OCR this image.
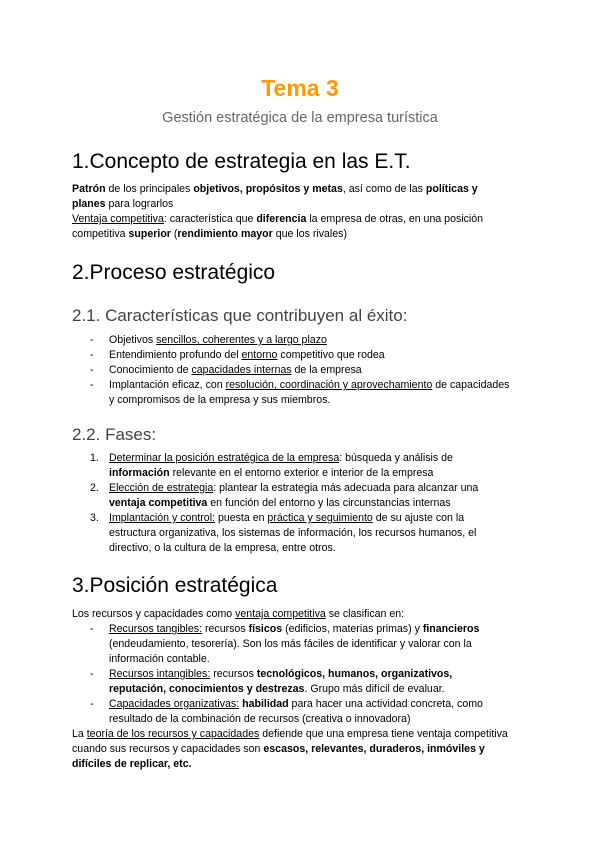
Tema 3
Gestión estratégica de la empresa turística
1.Concepto de estrategia en las E.T.

Patrón de los principales objetivos, propósitos y metas, así como de las políticas y planes para lograrlos

Ventaja competitiva: característica que diferencia la empresa de otras, en una posición competitiva superior (rendimiento mayor que los rivales)

2.Proceso estratégico
2.1. Características que contribuyen al éxito:
- Objetivos sencillos, coherentes y a largo plazo
- Entendimiento profundo del entorno competitivo que rodea
- Conocimiento de capacidades internas de la empresa
- Implantación eficaz, con resolución, coordinación y aprovechamiento de capacidades y compromisos de la empresa y sus miembros.
2.2. Fases:
1. Determinar la posición estratégica de la empresa: búsqueda y análisis de información relevante en el entorno exterior e interior de la empresa
2. Elección de estrategia: plantear la estrategia más adecuada para alcanzar una ventaja competitiva en función del entorno y las circunstancias internas
3. Implantación y control: puesta en práctica y seguimiento de su ajuste con la estructura organizativa, los sistemas de información, los recursos humanos, el directivo, o la cultura de la empresa, entre otros.
3.Posición estratégica

Los recursos y capacidades como ventaja competitiva se clasifican en:

- Recursos tangibles: recursos físicos (edificios, materias primas) y financieros (endeudamiento, tesorería). Son los más fáciles de identificar y valorar con la información contable.
- Recursos intangibles: recursos tecnológicos, humanos, organizativos, reputación, conocimientos y destrezas. Grupo más difícil de evaluar.
- Capacidades organizativas: habilidad para hacer una actividad concreta, como resultado de la combinación de recursos (creativa o innovadora)

La teoría de los recursos y capacidades defiende que una empresa tiene ventaja competitiva cuando sus recursos y capacidades son escasos, relevantes, duraderos, inmóviles y difíciles de replicar, etc.
